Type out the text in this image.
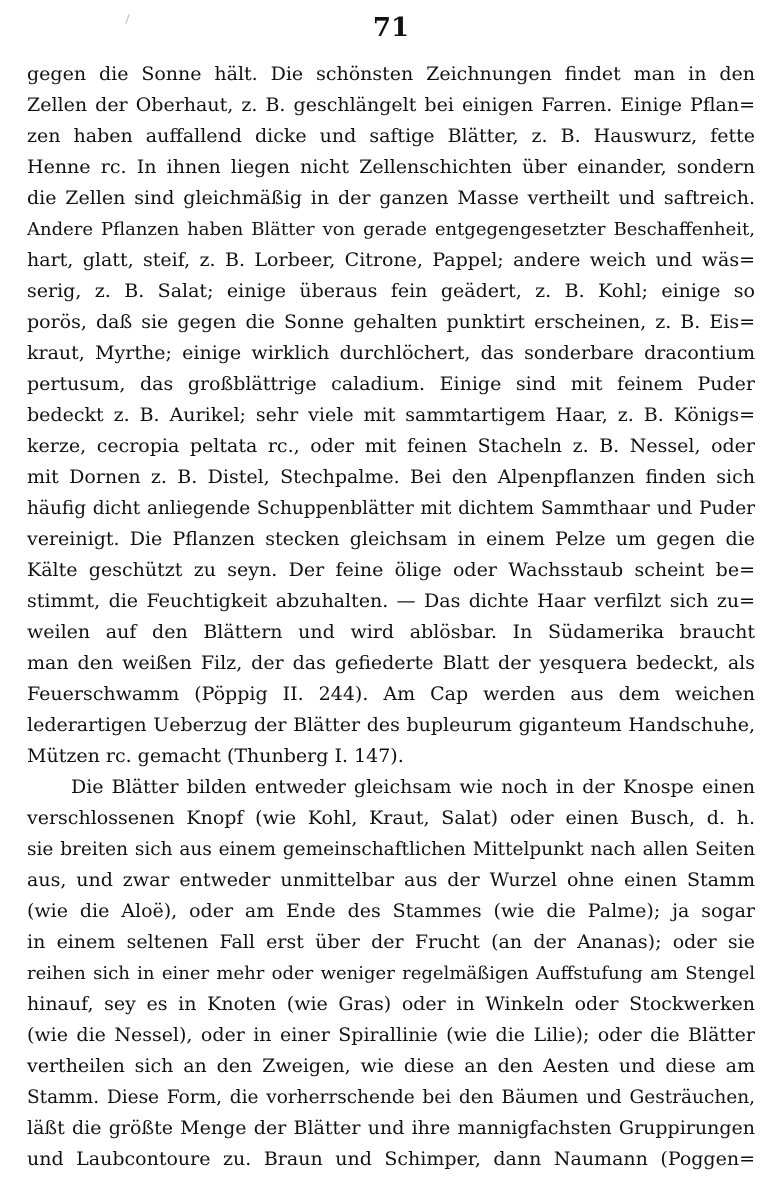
71
gegen die Sonne hält. Die schönsten Zeichnungen findet man in den
Zellen der Oberhaut, z. B. geschlängelt bei einigen Farren. Einige Pflan=
zen haben auffallend dicke und saftige Blätter, z. B. Hauswurz, fette
Henne rc. In ihnen liegen nicht Zellenschichten über einander, sondern
die Zellen sind gleichmäßig in der ganzen Masse vertheilt und saftreich.
Andere Pflanzen haben Blätter von gerade entgegengesetzter Beschaffenheit,
hart, glatt, steif, z. B. Lorbeer, Citrone, Pappel; andere weich und wäs=
serig, z. B. Salat; einige überaus fein geädert, z. B. Kohl; einige so
porös, daß sie gegen die Sonne gehalten punktirt erscheinen, z. B. Eis=
kraut, Myrthe; einige wirklich durchlöchert, das sonderbare dracontium
pertusum, das großblättrige caladium. Einige sind mit feinem Puder
bedeckt z. B. Aurikel; sehr viele mit sammtartigem Haar, z. B. Königs=
kerze, cecropia peltata rc., oder mit feinen Stacheln z. B. Nessel, oder
mit Dornen z. B. Distel, Stechpalme. Bei den Alpenpflanzen finden sich
häufig dicht anliegende Schuppenblätter mit dichtem Sammthaar und Puder
vereinigt. Die Pflanzen stecken gleichsam in einem Pelze um gegen die
Kälte geschützt zu seyn. Der feine ölige oder Wachsstaub scheint be=
stimmt, die Feuchtigkeit abzuhalten. — Das dichte Haar verfilzt sich zu=
weilen auf den Blättern und wird ablösbar. In Südamerika braucht
man den weißen Filz, der das gefiederte Blatt der yesquera bedeckt, als
Feuerschwamm (Pöppig II. 244). Am Cap werden aus dem weichen
lederartigen Ueberzug der Blätter des bupleurum giganteum Handschuhe,
Mützen rc. gemacht (Thunberg I. 147).
Die Blätter bilden entweder gleichsam wie noch in der Knospe einen
verschlossenen Knopf (wie Kohl, Kraut, Salat) oder einen Busch, d. h.
sie breiten sich aus einem gemeinschaftlichen Mittelpunkt nach allen Seiten
aus, und zwar entweder unmittelbar aus der Wurzel ohne einen Stamm
(wie die Aloë), oder am Ende des Stammes (wie die Palme); ja sogar
in einem seltenen Fall erst über der Frucht (an der Ananas); oder sie
reihen sich in einer mehr oder weniger regelmäßigen Auffstufung am Stengel
hinauf, sey es in Knoten (wie Gras) oder in Winkeln oder Stockwerken
(wie die Nessel), oder in einer Spirallinie (wie die Lilie); oder die Blätter
vertheilen sich an den Zweigen, wie diese an den Aesten und diese am
Stamm. Diese Form, die vorherrschende bei den Bäumen und Gesträuchen,
läßt die größte Menge der Blätter und ihre mannigfachsten Gruppirungen
und Laubcontoure zu. Braun und Schimper, dann Naumann (Poggen=
